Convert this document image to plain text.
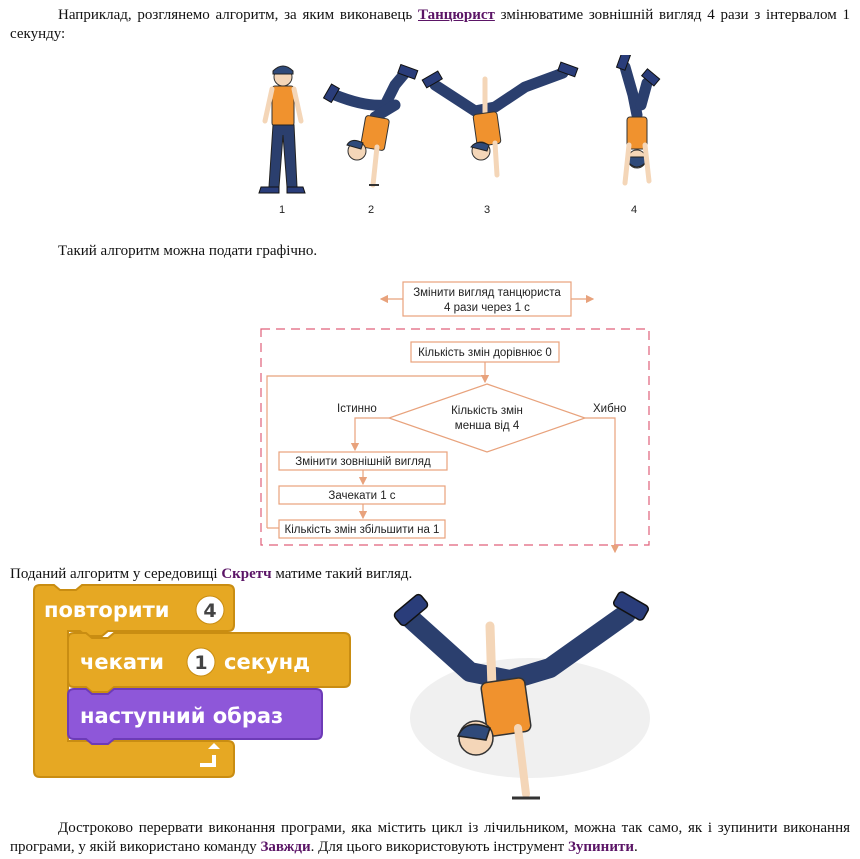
Наприклад, розглянемо алгоритм, за яким виконавець Танцюрист змінюватиме зовнішній вигляд 4 рази з інтервалом 1 секунду:

1	2	3	4

Такий алгоритм можна подати графічно.

Змінити вигляд танцюриста
4 рази через 1 с
Кількість змін дорівнює 0
Кількість змін
менша від 4
Істинно	Хибно
Змінити зовнішній вигляд
Зачекати 1 с
Кількість змін збільшити на 1

Поданий алгоритм у середовищі Скретч матиме такий вигляд.

повторити 4
чекати 1 секунд
наступний образ

Достроково перервати виконання програми, яка містить цикл із лічильником, можна так само, як і зупинити виконання програми, у якій використано команду Завжди. Для цього використовують інструмент Зупинити.
